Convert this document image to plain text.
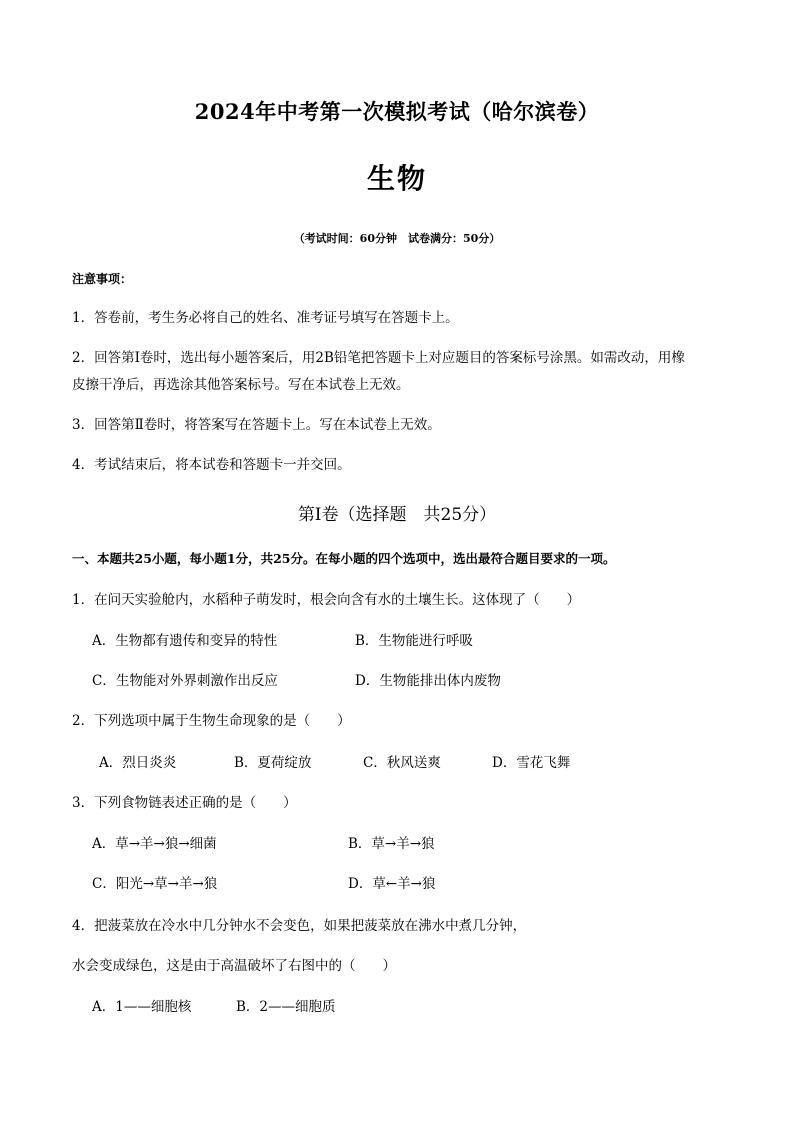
2024年中考第一次模拟考试（哈尔滨卷）
生物
（考试时间：60分钟　试卷满分：50分）
注意事项：
1．答卷前，考生务必将自己的姓名、准考证号填写在答题卡上。
2．回答第Ⅰ卷时，选出每小题答案后，用2B铅笔把答题卡上对应题目的答案标号涂黑。如需改动，用橡
皮擦干净后，再选涂其他答案标号。写在本试卷上无效。
3．回答第Ⅱ卷时，将答案写在答题卡上。写在本试卷上无效。
4．考试结束后，将本试卷和答题卡一并交回。
第Ⅰ卷（选择题　共25分）
一、本题共25小题，每小题1分，共25分。在每小题的四个选项中，选出最符合题目要求的一项。
1．在问天实验舱内，水稻种子萌发时，根会向含有水的土壤生长。这体现了（　　）
A．生物都有遗传和变异的特性	B．生物能进行呼吸
C．生物能对外界刺激作出反应	D．生物能排出体内废物
2．下列选项中属于生物生命现象的是（　　）
A．烈日炎炎	B．夏荷绽放	C．秋风送爽	D．雪花飞舞
3．下列食物链表述正确的是（　　）
A．草→羊→狼→细菌	B．草→羊→狼
C．阳光→草→羊→狼	D．草←羊→狼
4．把菠菜放在冷水中几分钟水不会变色，如果把菠菜放在沸水中煮几分钟，
水会变成绿色，这是由于高温破坏了右图中的（　　）
A．1——细胞核	B．2——细胞质
